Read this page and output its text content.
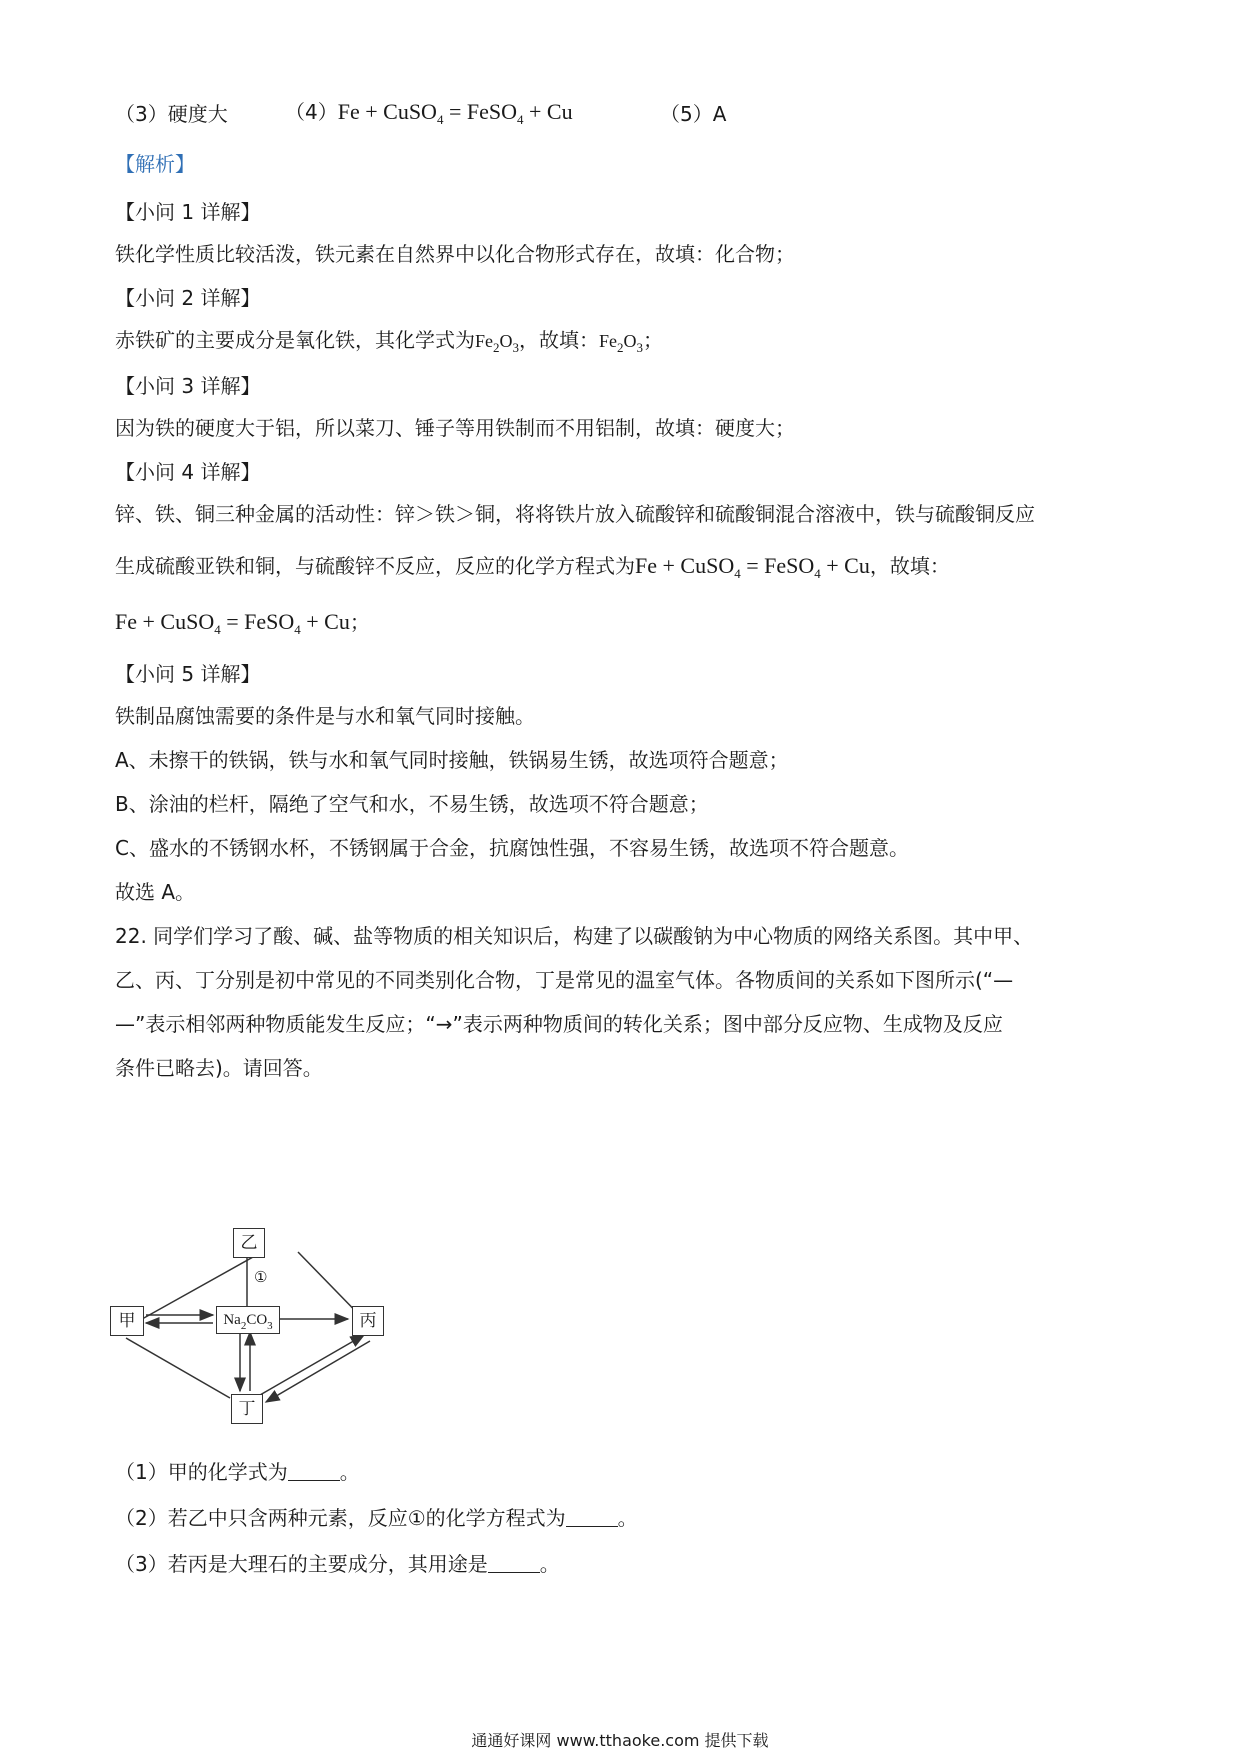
（3）硬度大	（4）Fe + CuSO$_4$ = FeSO$_4$ + Cu	（5）A
【解析】
【小问 1 详解】
铁化学性质比较活泼，铁元素在自然界中以化合物形式存在，故填：化合物；
【小问 2 详解】
赤铁矿的主要成分是氧化铁，其化学式为$Fe_2O_3$，故填：$Fe_2O_3$；
【小问 3 详解】
因为铁的硬度大于铝，所以菜刀、锤子等用铁制而不用铝制，故填：硬度大；
【小问 4 详解】
锌、铁、铜三种金属的活动性：锌＞铁＞铜，将将铁片放入硫酸锌和硫酸铜混合溶液中，铁与硫酸铜反应
生成硫酸亚铁和铜，与硫酸锌不反应，反应的化学方程式为Fe + CuSO$_4$ = FeSO$_4$ + Cu，故填：
Fe + CuSO$_4$ = FeSO$_4$ + Cu；
【小问 5 详解】
铁制品腐蚀需要的条件是与水和氧气同时接触。
A、未擦干的铁锅，铁与水和氧气同时接触，铁锅易生锈，故选项符合题意；
B、涂油的栏杆，隔绝了空气和水，不易生锈，故选项不符合题意；
C、盛水的不锈钢水杯，不锈钢属于合金，抗腐蚀性强，不容易生锈，故选项不符合题意。
故选 A。
22. 同学们学习了酸、碱、盐等物质的相关知识后，构建了以碳酸钠为中心物质的网络关系图。其中甲、
乙、丙、丁分别是初中常见的不同类别化合物，丁是常见的温室气体。各物质间的关系如下图所示(“—
—”表示相邻两种物质能发生反应；“→”表示两种物质间的转化关系；图中部分反应物、生成物及反应
条件已略去)。请回答。
乙
甲	$Na_2CO_3$	丙
丁
①
（1）甲的化学式为	。
（2）若乙中只含两种元素，反应①的化学方程式为	。
（3）若丙是大理石的主要成分，其用途是	。
通通好课网 www.tthaoke.com 提供下载
